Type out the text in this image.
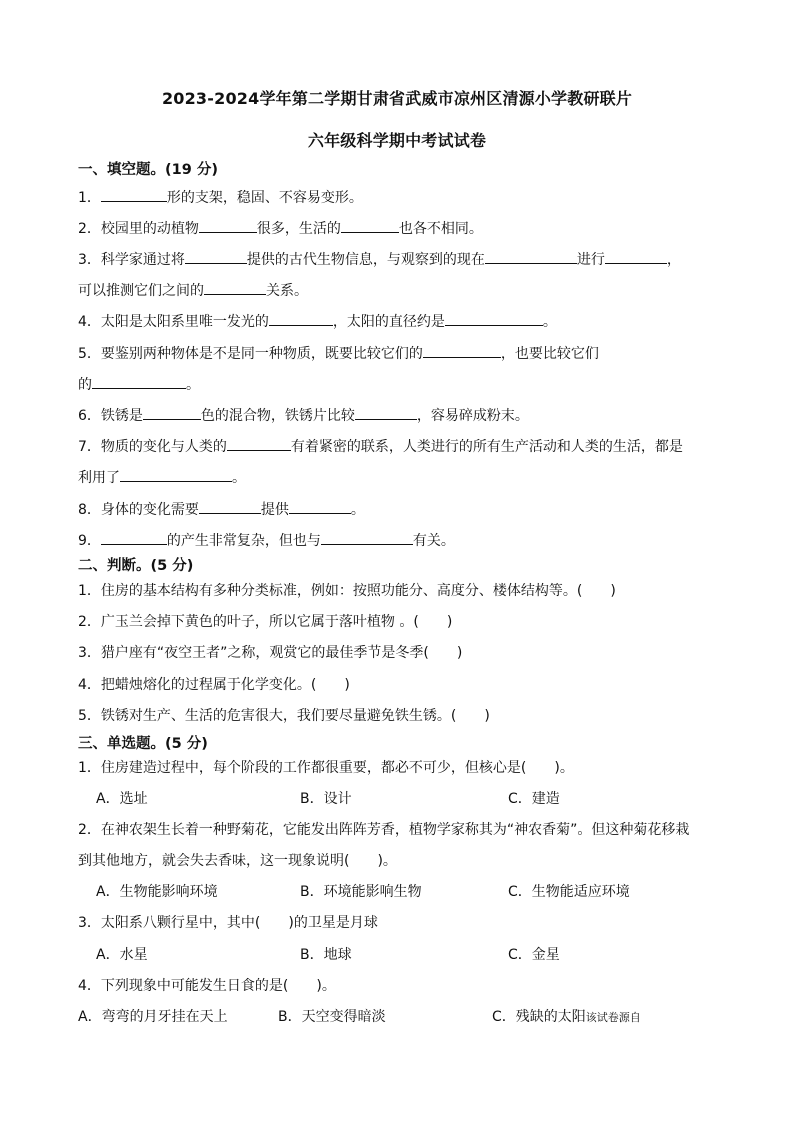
2023-2024学年第二学期甘肃省武威市凉州区清源小学教研联片
六年级科学期中考试试卷
一、填空题。(19 分)
1．	形的支架，稳固、不容易变形。
2．校园里的动植物	很多，生活的	也各不相同。
3．科学家通过将	提供的古代生物信息，与观察到的现在	进行	，
可以推测它们之间的	关系。
4．太阳是太阳系里唯一发光的	，太阳的直径约是	。
5．要鉴别两种物体是不是同一种物质，既要比较它们的	，也要比较它们
的	。
6．铁锈是	色的混合物，铁锈片比较	，容易碎成粉末。
7．物质的变化与人类的	有着紧密的联系，人类进行的所有生产活动和人类的生活，都是
利用了	。
8．身体的变化需要	提供	。
9．	的产生非常复杂，但也与	有关。
二、判断。(5 分)
1．住房的基本结构有多种分类标准，例如：按照功能分、高度分、楼体结构等。(　　)
2．广玉兰会掉下黄色的叶子，所以它属于落叶植物 。(　　)
3．猎户座有“夜空王者”之称，观赏它的最佳季节是冬季(　　)
4．把蜡烛熔化的过程属于化学变化。(　　)
5．铁锈对生产、生活的危害很大，我们要尽量避免铁生锈。(　　)
三、单选题。(5 分)
1．住房建造过程中，每个阶段的工作都很重要，都必不可少，但核心是(　　)。
A．选址	B．设计	C．建造
2．在神农架生长着一种野菊花，它能发出阵阵芳香，植物学家称其为“神农香菊”。但这种菊花移栽
到其他地方，就会失去香味，这一现象说明(　　)。
A．生物能影响环境	B．环境能影响生物	C．生物能适应环境
3．太阳系八颗行星中，其中(　　)的卫星是月球
A．水星	B．地球	C．金星
4．下列现象中可能发生日食的是(　　)。
A．弯弯的月牙挂在天上	B．天空变得暗淡	C．残缺的太阳该试卷源自
